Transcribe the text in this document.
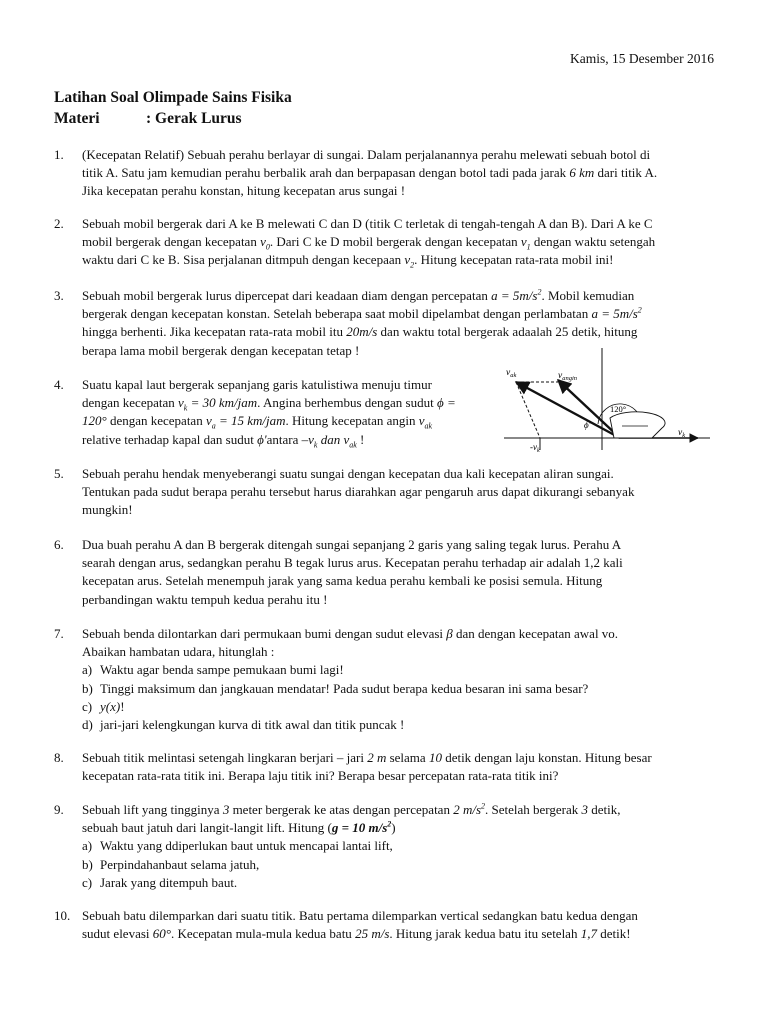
Kamis, 15 Desember 2016
Latihan Soal Olimpade Sains Fisika
Materi	: Gerak Lurus
1. (Kecepatan Relatif) Sebuah perahu berlayar di sungai. Dalam perjalanannya perahu melewati sebuah botol di
titik A. Satu jam kemudian perahu berbalik arah dan berpapasan dengan botol tadi pada jarak 6 km dari titik A.
Jika kecepatan perahu konstan, hitung kecepatan arus sungai !
2. Sebuah mobil bergerak dari A ke B melewati C dan D (titik C terletak di tengah-tengah A dan B). Dari A ke C
mobil bergerak dengan kecepatan $v_0$. Dari C ke D mobil bergerak dengan kecepatan $v_1$ dengan waktu setengah
waktu dari C ke B. Sisa perjalanan ditmpuh dengan kecepaan $v_2$. Hitung kecepatan rata-rata mobil ini!
3. Sebuah mobil bergerak lurus dipercepat dari keadaan diam dengan percepatan $a = 5m/s^2$. Mobil kemudian
bergerak dengan kecepatan konstan. Setelah beberapa saat mobil dipelambat dengan perlambatan $a = 5m/s^2$
hingga berhenti. Jika kecepatan rata-rata mobil itu 20m/s dan waktu total bergerak adaalah 25 detik, hitung
berapa lama mobil bergerak dengan kecepatan tetap !
4. Suatu kapal laut bergerak sepanjang garis katulistiwa menuju timur
dengan kecepatan $v_k = 30$ km/jam. Angina berhembus dengan sudut ϕ =
120° dengan kecepatan $v_a = 15$ km/jam. Hitung kecepatan angin $v_{ak}$
relative terhadap kapal dan sudut ϕ'antara $-v_k$ dan $v_{ak}$ !
$v_{ak}$	$v_{angin}$
120°
ϕ'
$v_k$
$-v_k$
5. Sebuah perahu hendak menyeberangi suatu sungai dengan kecepatan dua kali kecepatan aliran sungai.
Tentukan pada sudut berapa perahu tersebut harus diarahkan agar pengaruh arus dapat dikurangi sebanyak
mungkin!
6. Dua buah perahu A dan B bergerak ditengah sungai sepanjang 2 garis yang saling tegak lurus. Perahu A
searah dengan arus, sedangkan perahu B tegak lurus arus. Kecepatan perahu terhadap air adalah 1,2 kali
kecepatan arus. Setelah menempuh jarak yang sama kedua perahu kembali ke posisi semula. Hitung
perbandingan waktu tempuh kedua perahu itu !
7. Sebuah benda dilontarkan dari permukaan bumi dengan sudut elevasi β dan dengan kecepatan awal vo.
Abaikan hambatan udara, hitunglah :
a) Waktu agar benda sampe pemukaan bumi lagi!
b) Tinggi maksimum dan jangkauan mendatar! Pada sudut berapa kedua besaran ini sama besar?
c) y(x) !
d) jari-jari kelengkungan kurva di titk awal dan titik puncak !
8. Sebuah titik melintasi setengah lingkaran berjari – jari 2 m selama 10 detik dengan laju konstan. Hitung besar
kecepatan rata-rata titik ini. Berapa laju titik ini? Berapa besar percepatan rata-rata titik ini?
9. Sebuah lift yang tingginya 3 meter bergerak ke atas dengan percepatan 2 $m/s^2$. Setelah bergerak 3 detik,
sebuah baut jatuh dari langit-langit lift. Hitung (g = 10 $m/s^2$)
a) Waktu yang ddiperlukan baut untuk mencapai lantai lift,
b) Perpindahanbaut selama jatuh,
c) Jarak yang ditempuh baut.
10. Sebuah batu dilemparkan dari suatu titik. Batu pertama dilemparkan vertical sedangkan batu kedua dengan
sudut elevasi 60°. Kecepatan mula-mula kedua batu 25 m/s. Hitung jarak kedua batu itu setelah 1,7 detik!
